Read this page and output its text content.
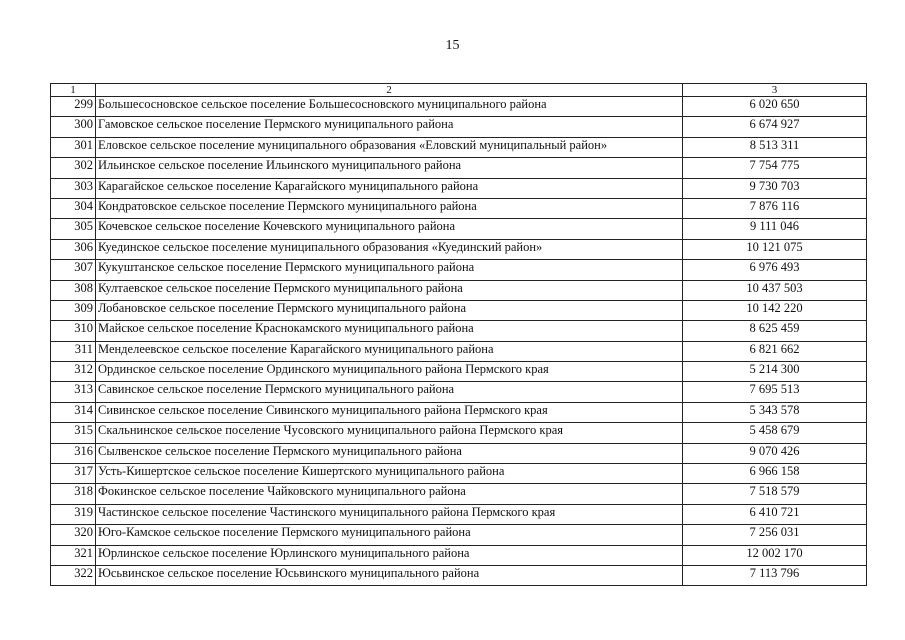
15
1	2	3
299	Большесосновское сельское поселение Большесосновского муниципального района	6 020 650
300	Гамовское сельское поселение Пермского муниципального района	6 674 927
301	Еловское сельское поселение муниципального образования «Еловский муниципальный район»	8 513 311
302	Ильинское сельское поселение Ильинского муниципального района	7 754 775
303	Карагайское сельское поселение Карагайского муниципального района	9 730 703
304	Кондратовское сельское поселение Пермского муниципального района	7 876 116
305	Кочевское сельское поселение Кочевского муниципального района	9 111 046
306	Куединское сельское поселение муниципального образования «Куединский район»	10 121 075
307	Кукуштанское сельское поселение Пермского муниципального района	6 976 493
308	Култаевское сельское поселение Пермского муниципального района	10 437 503
309	Лобановское сельское поселение Пермского муниципального района	10 142 220
310	Майское сельское поселение Краснокамского муниципального района	8 625 459
311	Менделеевское сельское поселение Карагайского муниципального района	6 821 662
312	Ординское сельское поселение Ординского муниципального района Пермского края	5 214 300
313	Савинское сельское поселение Пермского муниципального района	7 695 513
314	Сивинское сельское поселение Сивинского муниципального района Пермского края	5 343 578
315	Скальнинское сельское поселение Чусовского муниципального района Пермского края	5 458 679
316	Сылвенское сельское поселение Пермского муниципального района	9 070 426
317	Усть-Кишертское сельское поселение Кишертского муниципального района	6 966 158
318	Фокинское сельское поселение Чайковского муниципального района	7 518 579
319	Частинское сельское поселение Частинского муниципального района Пермского края	6 410 721
320	Юго-Камское сельское поселение Пермского муниципального района	7 256 031
321	Юрлинское сельское поселение Юрлинского муниципального района	12 002 170
322	Юсьвинское сельское поселение Юсьвинского муниципального района	7 113 796
